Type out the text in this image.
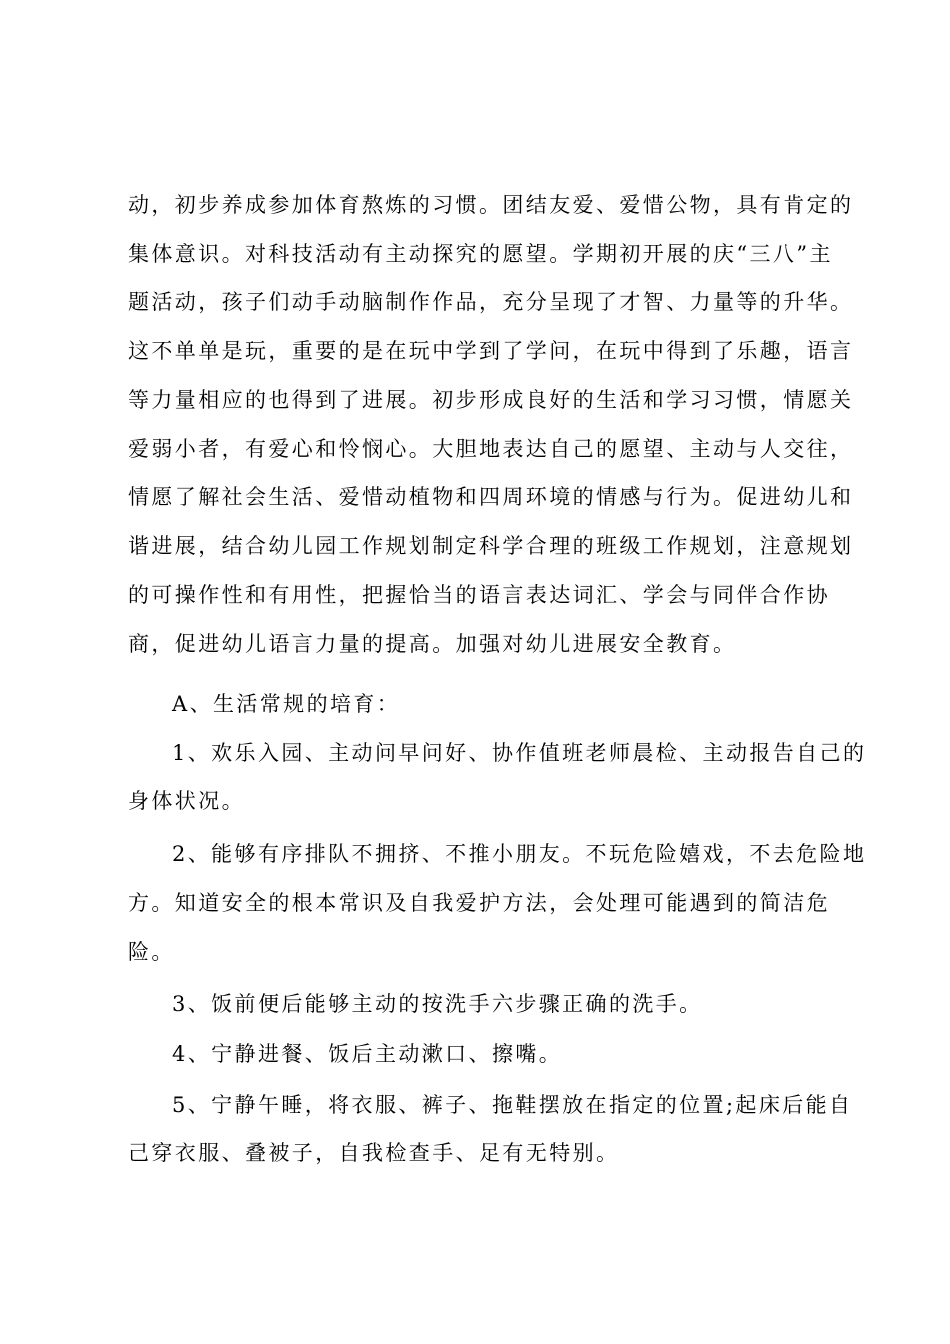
动，初步养成参加体育熬炼的习惯。团结友爱、爱惜公物，具有肯定的
集体意识。对科技活动有主动探究的愿望。学期初开展的庆“三八”主
题活动，孩子们动手动脑制作作品，充分呈现了才智、力量等的升华。
这不单单是玩，重要的是在玩中学到了学问，在玩中得到了乐趣，语言
等力量相应的也得到了进展。初步形成良好的生活和学习习惯，情愿关
爱弱小者，有爱心和怜悯心。大胆地表达自己的愿望、主动与人交往，
情愿了解社会生活、爱惜动植物和四周环境的情感与行为。促进幼儿和
谐进展，结合幼儿园工作规划制定科学合理的班级工作规划，注意规划
的可操作性和有用性，把握恰当的语言表达词汇、学会与同伴合作协
商，促进幼儿语言力量的提高。加强对幼儿进展安全教育。
A、生活常规的培育：
1、欢乐入园、主动问早问好、协作值班老师晨检、主动报告自己的
身体状况。
2、能够有序排队不拥挤、不推小朋友。不玩危险嬉戏，不去危险地
方。知道安全的根本常识及自我爱护方法，会处理可能遇到的简洁危
险。
3、饭前便后能够主动的按洗手六步骤正确的洗手。
4、宁静进餐、饭后主动漱口、擦嘴。
5、宁静午睡，将衣服、裤子、拖鞋摆放在指定的位置;起床后能自
己穿衣服、叠被子，自我检查手、足有无特别。
